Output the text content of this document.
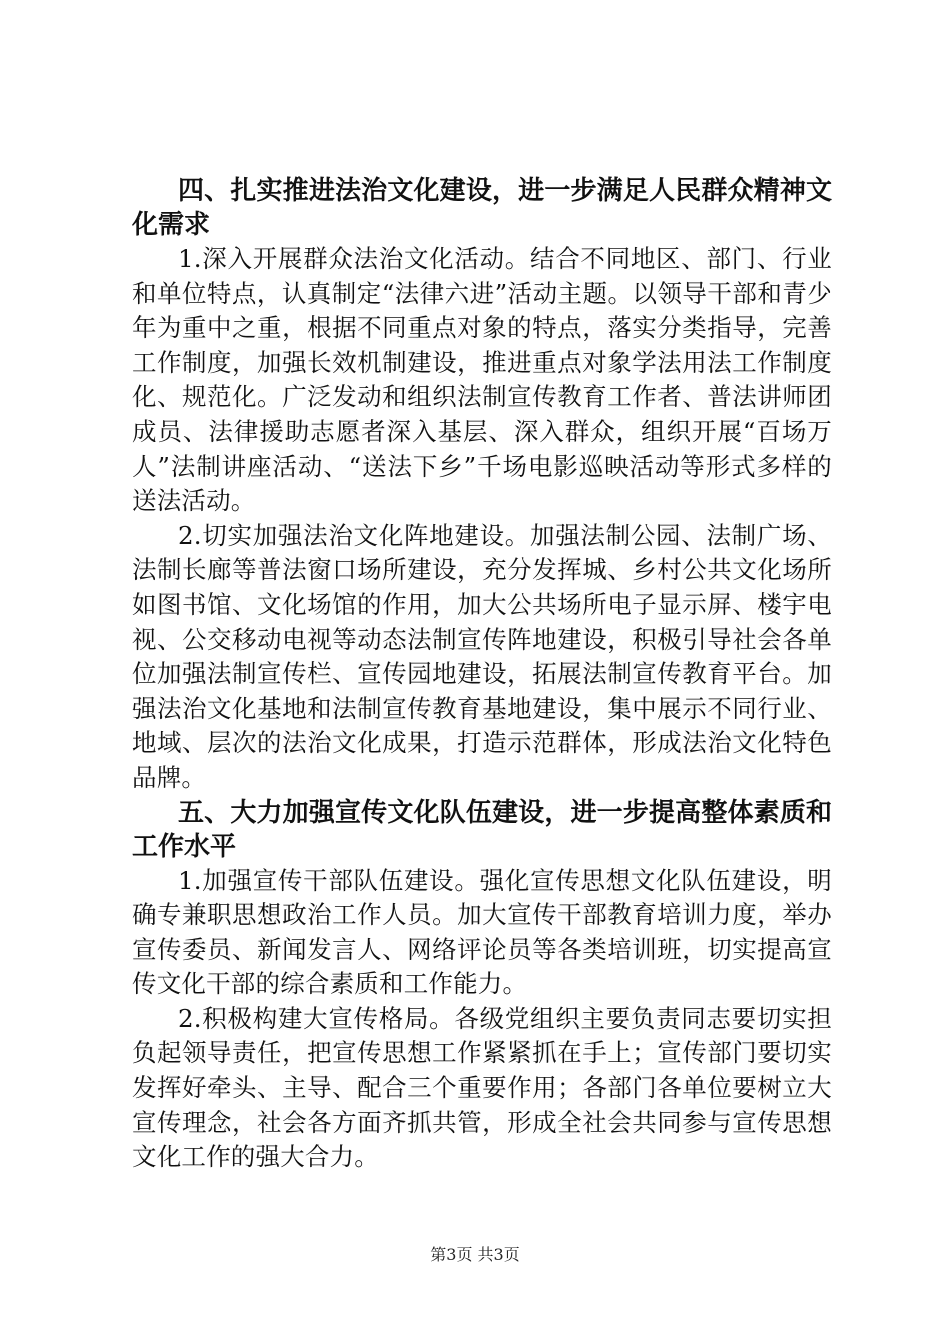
四、扎实推进法治文化建设，进一步满足人民群众精神文化需求

1.深入开展群众法治文化活动。结合不同地区、部门、行业和单位特点，认真制定“法律六进”活动主题。以领导干部和青少年为重中之重，根据不同重点对象的特点，落实分类指导，完善工作制度，加强长效机制建设，推进重点对象学法用法工作制度化、规范化。广泛发动和组织法制宣传教育工作者、普法讲师团成员、法律援助志愿者深入基层、深入群众，组织开展“百场万人”法制讲座活动、“送法下乡”千场电影巡映活动等形式多样的送法活动。

2.切实加强法治文化阵地建设。加强法制公园、法制广场、法制长廊等普法窗口场所建设，充分发挥城、乡村公共文化场所如图书馆、文化场馆的作用，加大公共场所电子显示屏、楼宇电视、公交移动电视等动态法制宣传阵地建设，积极引导社会各单位加强法制宣传栏、宣传园地建设，拓展法制宣传教育平台。加强法治文化基地和法制宣传教育基地建设，集中展示不同行业、地域、层次的法治文化成果，打造示范群体，形成法治文化特色品牌。

五、大力加强宣传文化队伍建设，进一步提高整体素质和工作水平

1.加强宣传干部队伍建设。强化宣传思想文化队伍建设，明确专兼职思想政治工作人员。加大宣传干部教育培训力度，举办宣传委员、新闻发言人、网络评论员等各类培训班，切实提高宣传文化干部的综合素质和工作能力。

2.积极构建大宣传格局。各级党组织主要负责同志要切实担负起领导责任，把宣传思想工作紧紧抓在手上；宣传部门要切实发挥好牵头、主导、配合三个重要作用；各部门各单位要树立大宣传理念，社会各方面齐抓共管，形成全社会共同参与宣传思想文化工作的强大合力。

第3页 共3页
